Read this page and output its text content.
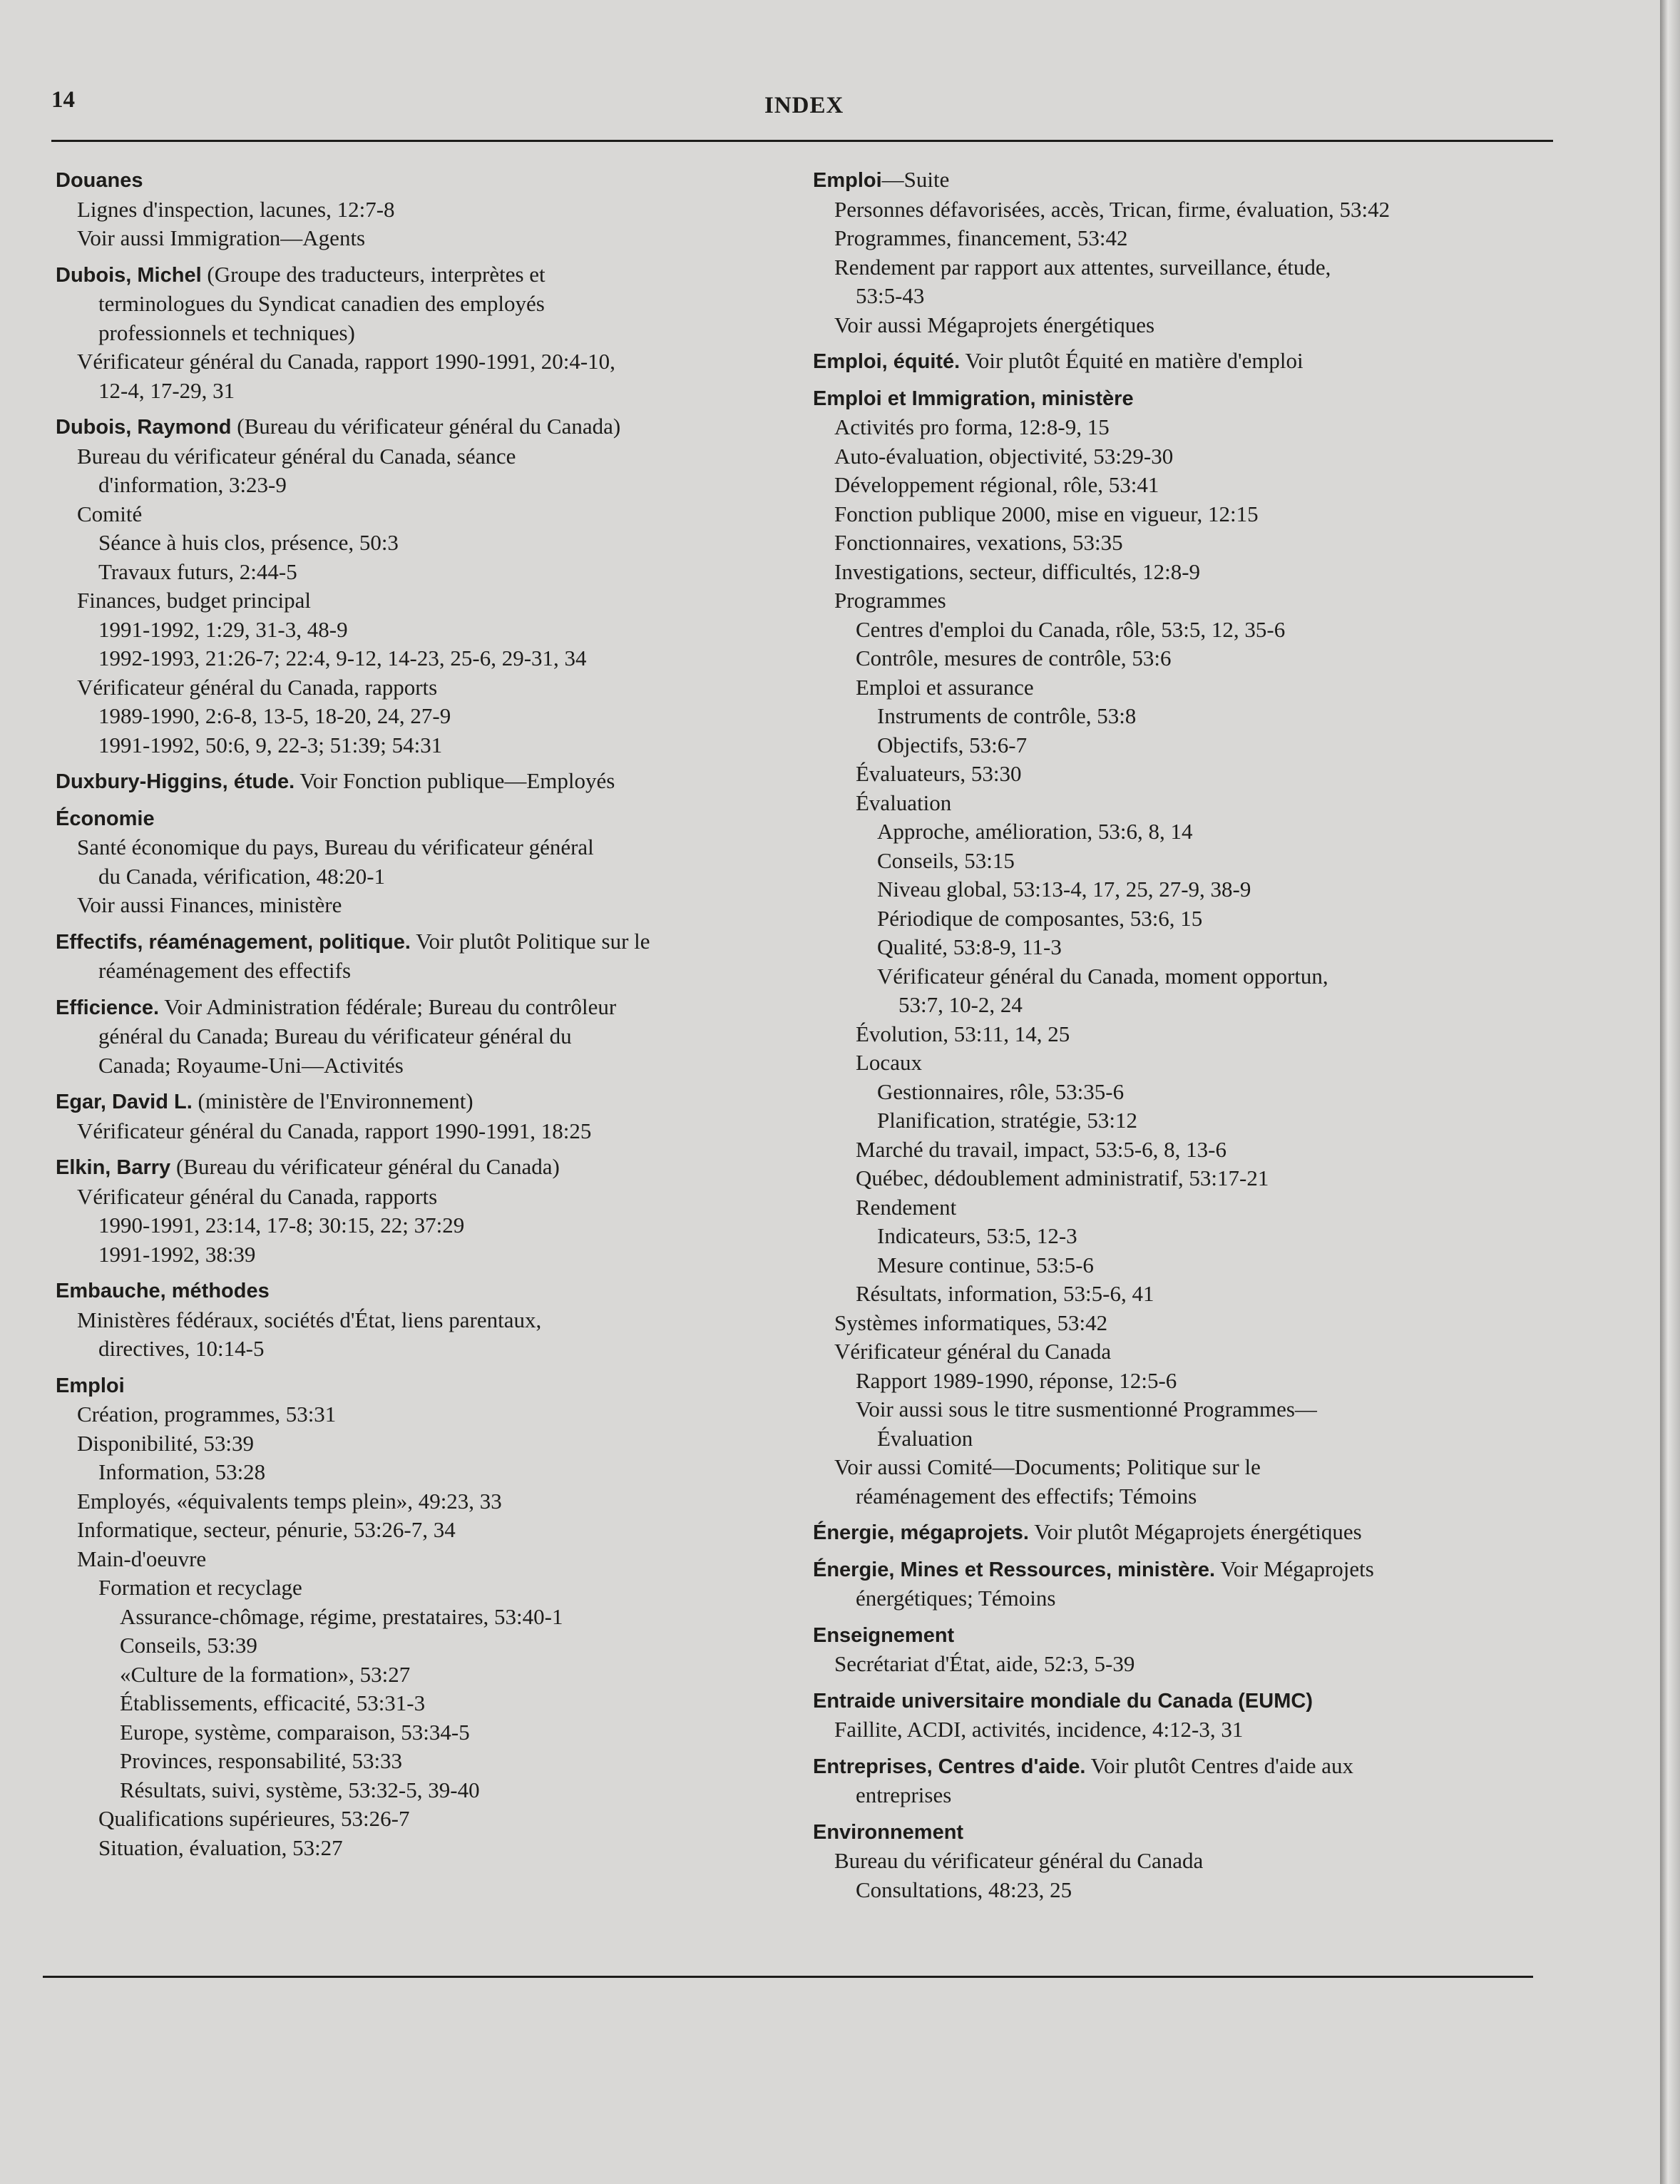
14	INDEX
Douanes
Lignes d'inspection, lacunes, 12:7-8
Voir aussi Immigration—Agents
Dubois, Michel (Groupe des traducteurs, interprètes et
terminologues du Syndicat canadien des employés
professionnels et techniques)
Vérificateur général du Canada, rapport 1990-1991, 20:4-10,
12-4, 17-29, 31
Dubois, Raymond (Bureau du vérificateur général du Canada)
Bureau du vérificateur général du Canada, séance
d'information, 3:23-9
Comité
Séance à huis clos, présence, 50:3
Travaux futurs, 2:44-5
Finances, budget principal
1991-1992, 1:29, 31-3, 48-9
1992-1993, 21:26-7; 22:4, 9-12, 14-23, 25-6, 29-31, 34
Vérificateur général du Canada, rapports
1989-1990, 2:6-8, 13-5, 18-20, 24, 27-9
1991-1992, 50:6, 9, 22-3; 51:39; 54:31
Duxbury-Higgins, étude. Voir Fonction publique—Employés
Économie
Santé économique du pays, Bureau du vérificateur général
du Canada, vérification, 48:20-1
Voir aussi Finances, ministère
Effectifs, réaménagement, politique. Voir plutôt Politique sur le
réaménagement des effectifs
Efficience. Voir Administration fédérale; Bureau du contrôleur
général du Canada; Bureau du vérificateur général du
Canada; Royaume-Uni—Activités
Egar, David L. (ministère de l'Environnement)
Vérificateur général du Canada, rapport 1990-1991, 18:25
Elkin, Barry (Bureau du vérificateur général du Canada)
Vérificateur général du Canada, rapports
1990-1991, 23:14, 17-8; 30:15, 22; 37:29
1991-1992, 38:39
Embauche, méthodes
Ministères fédéraux, sociétés d'État, liens parentaux,
directives, 10:14-5
Emploi
Création, programmes, 53:31
Disponibilité, 53:39
Information, 53:28
Employés, «équivalents temps plein», 49:23, 33
Informatique, secteur, pénurie, 53:26-7, 34
Main-d'oeuvre
Formation et recyclage
Assurance-chômage, régime, prestataires, 53:40-1
Conseils, 53:39
«Culture de la formation», 53:27
Établissements, efficacité, 53:31-3
Europe, système, comparaison, 53:34-5
Provinces, responsabilité, 53:33
Résultats, suivi, système, 53:32-5, 39-40
Qualifications supérieures, 53:26-7
Situation, évaluation, 53:27
Emploi—Suite
Personnes défavorisées, accès, Trican, firme, évaluation, 53:42
Programmes, financement, 53:42
Rendement par rapport aux attentes, surveillance, étude,
53:5-43
Voir aussi Mégaprojets énergétiques
Emploi, équité. Voir plutôt Équité en matière d'emploi
Emploi et Immigration, ministère
Activités pro forma, 12:8-9, 15
Auto-évaluation, objectivité, 53:29-30
Développement régional, rôle, 53:41
Fonction publique 2000, mise en vigueur, 12:15
Fonctionnaires, vexations, 53:35
Investigations, secteur, difficultés, 12:8-9
Programmes
Centres d'emploi du Canada, rôle, 53:5, 12, 35-6
Contrôle, mesures de contrôle, 53:6
Emploi et assurance
Instruments de contrôle, 53:8
Objectifs, 53:6-7
Évaluateurs, 53:30
Évaluation
Approche, amélioration, 53:6, 8, 14
Conseils, 53:15
Niveau global, 53:13-4, 17, 25, 27-9, 38-9
Périodique de composantes, 53:6, 15
Qualité, 53:8-9, 11-3
Vérificateur général du Canada, moment opportun,
53:7, 10-2, 24
Évolution, 53:11, 14, 25
Locaux
Gestionnaires, rôle, 53:35-6
Planification, stratégie, 53:12
Marché du travail, impact, 53:5-6, 8, 13-6
Québec, dédoublement administratif, 53:17-21
Rendement
Indicateurs, 53:5, 12-3
Mesure continue, 53:5-6
Résultats, information, 53:5-6, 41
Systèmes informatiques, 53:42
Vérificateur général du Canada
Rapport 1989-1990, réponse, 12:5-6
Voir aussi sous le titre susmentionné Programmes—
Évaluation
Voir aussi Comité—Documents; Politique sur le
réaménagement des effectifs; Témoins
Énergie, mégaprojets. Voir plutôt Mégaprojets énergétiques
Énergie, Mines et Ressources, ministère. Voir Mégaprojets
énergétiques; Témoins
Enseignement
Secrétariat d'État, aide, 52:3, 5-39
Entraide universitaire mondiale du Canada (EUMC)
Faillite, ACDI, activités, incidence, 4:12-3, 31
Entreprises, Centres d'aide. Voir plutôt Centres d'aide aux
entreprises
Environnement
Bureau du vérificateur général du Canada
Consultations, 48:23, 25
